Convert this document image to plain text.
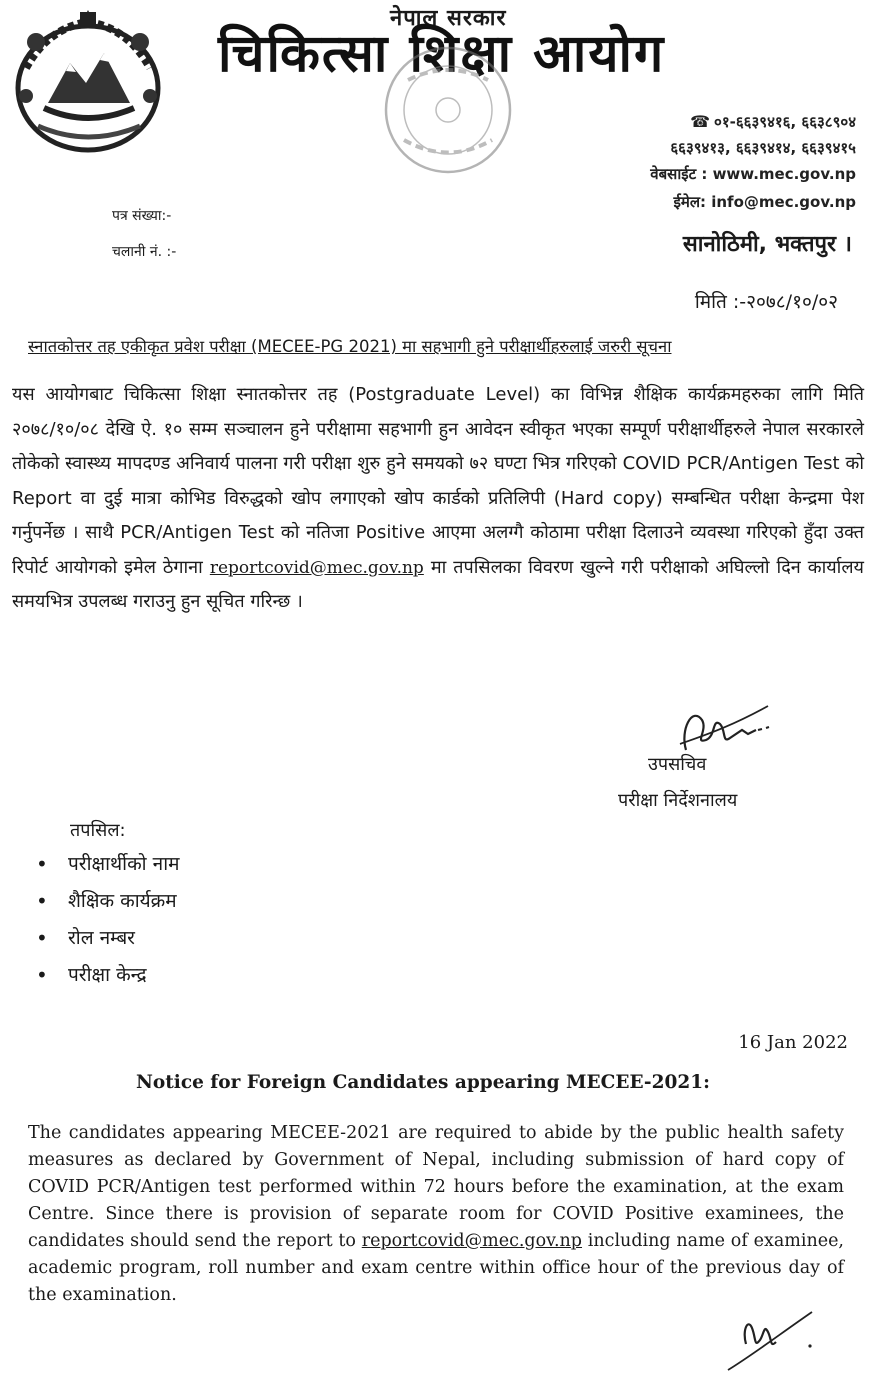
नेपाल सरकार
चिकित्सा शिक्षा आयोग
☎ ०१-६६३९४१६, ६६३८९०४
६६३९४१३, ६६३९४१४, ६६३९४१५
वेबसाईट : www.mec.gov.np
ईमेल: info@mec.gov.np
पत्र संख्या:-
चलानी नं. :-	सानोठिमी, भक्तपुर ।
मिति :-२०७८/१०/०२
स्नातकोत्तर तह एकीकृत प्रवेश परीक्षा (MECEE-PG 2021) मा सहभागी हुने परीक्षार्थीहरुलाई जरुरी सूचना
यस आयोगबाट चिकित्सा शिक्षा स्नातकोत्तर तह (Postgraduate Level) का विभिन्न शैक्षिक कार्यक्रमहरुका लागि मिति २०७८/१०/०८ देखि ऐ. १० सम्म सञ्चालन हुने परीक्षामा सहभागी हुन आवेदन स्वीकृत भएका सम्पूर्ण परीक्षार्थीहरुले नेपाल सरकारले तोकेको स्वास्थ्य मापदण्ड अनिवार्य पालना गरी परीक्षा शुरु हुने समयको ७२ घण्टा भित्र गरिएको COVID PCR/Antigen Test को Report वा दुई मात्रा कोभिड विरुद्धको खोप लगाएको खोप कार्डको प्रतिलिपी (Hard copy) सम्बन्धित परीक्षा केन्द्रमा पेश गर्नुपर्नेछ । साथै PCR/Antigen Test को नतिजा Positive आएमा अलग्गै कोठामा परीक्षा दिलाउने व्यवस्था गरिएको हुँदा उक्त रिपोर्ट आयोगको इमेल ठेगाना reportcovid@mec.gov.np मा तपसिलका विवरण खुल्ने गरी परीक्षाको अघिल्लो दिन कार्यालय समयभित्र उपलब्ध गराउनु हुन सूचित गरिन्छ ।
उपसचिव
परीक्षा निर्देशनालय
तपसिल:
• परीक्षार्थीको नाम
• शैक्षिक कार्यक्रम
• रोल नम्बर
• परीक्षा केन्द्र
16 Jan 2022
Notice for Foreign Candidates appearing MECEE-2021:
The candidates appearing MECEE-2021 are required to abide by the public health safety measures as declared by Government of Nepal, including submission of hard copy of COVID PCR/Antigen test performed within 72 hours before the examination, at the exam Centre. Since there is provision of separate room for COVID Positive examinees, the candidates should send the report to reportcovid@mec.gov.np including name of examinee, academic program, roll number and exam centre within office hour of the previous day of the examination.
